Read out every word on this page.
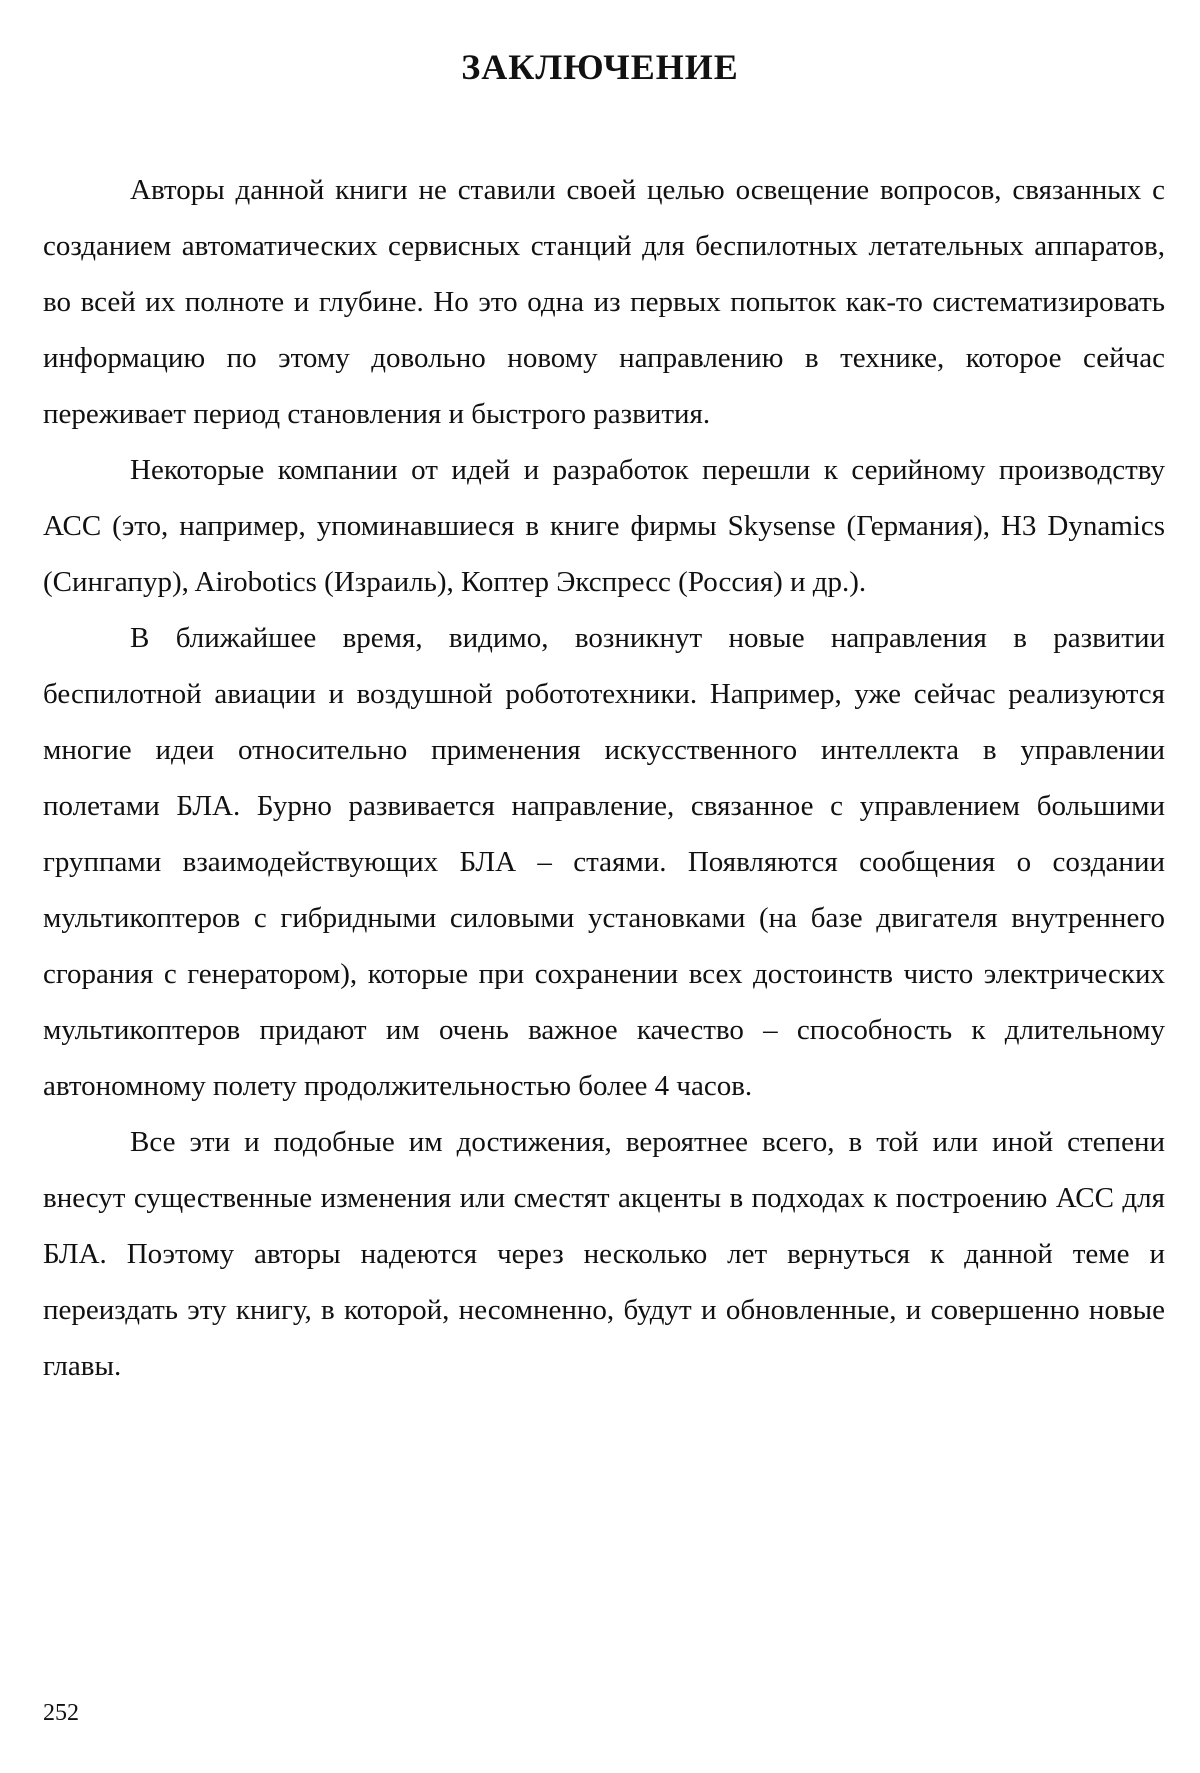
ЗАКЛЮЧЕНИЕ

Авторы данной книги не ставили своей целью освещение вопросов, связанных с созданием автоматических сервисных станций для беспилотных летательных аппаратов, во всей их полноте и глубине. Но это одна из первых попыток как-то систематизировать информацию по этому довольно новому направлению в технике, которое сейчас переживает период становления и быстрого развития.

Некоторые компании от идей и разработок перешли к серийному производству АСС (это, например, упоминавшиеся в книге фирмы Skysense (Германия), H3 Dynamics (Сингапур), Airobotics (Израиль), Коптер Экспресс (Россия) и др.).

В ближайшее время, видимо, возникнут новые направления в развитии беспилотной авиации и воздушной робототехники. Например, уже сейчас реализуются многие идеи относительно применения искусственного интеллекта в управлении полетами БЛА. Бурно развивается направление, связанное с управлением большими группами взаимодействующих БЛА – стаями. Появляются сообщения о создании мультикоптеров с гибридными силовыми установками (на базе двигателя внутреннего сгорания с генератором), которые при сохранении всех достоинств чисто электрических мультикоптеров придают им очень важное качество – способность к длительному автономному полету продолжительностью более 4 часов.

Все эти и подобные им достижения, вероятнее всего, в той или иной степени внесут существенные изменения или сместят акценты в подходах к построению АСС для БЛА. Поэтому авторы надеются через несколько лет вернуться к данной теме и переиздать эту книгу, в которой, несомненно, будут и обновленные, и совершенно новые главы.

252
